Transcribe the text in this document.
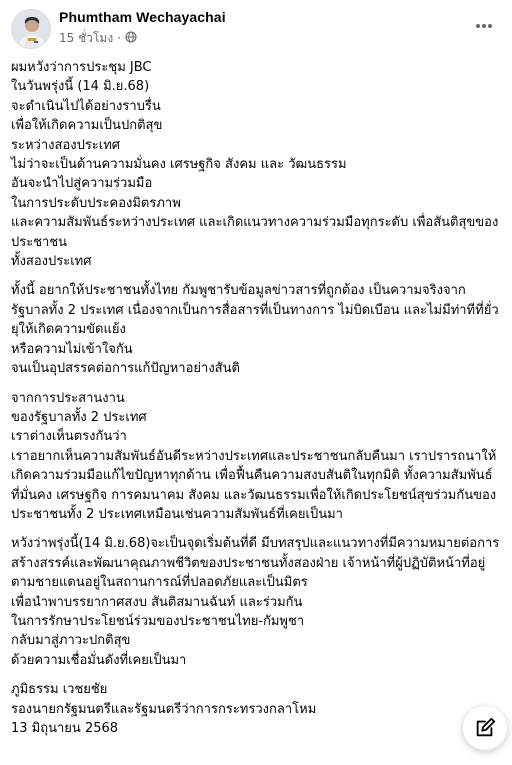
Phumtham Wechayachai
15 ชั่วโมง ·

ผมหวังว่าการประชุม JBC

ในวันพรุ่งนี้ (14 มิ.ย.68)

จะดำเนินไปได้อย่างราบรื่น

เพื่อให้เกิดความเป็นปกติสุข

ระหว่างสองประเทศ

ไม่ว่าจะเป็นด้านความมั่นคง เศรษฐกิจ สังคม และ วัฒนธรรม

อันจะนำไปสู่ความร่วมมือ

ในการประดับประคองมิตรภาพ

และความสัมพันธ์ระหว่างประเทศ และเกิดแนวทางความร่วมมือทุกระดับ เพื่อสันติสุขของประชาชน

ทั้งสองประเทศ

ทั้งนี้ อยากให้ประชาชนทั้งไทย กัมพูชารับข้อมูลข่าวสารที่ถูกต้อง เป็นความจริงจากรัฐบาลทั้ง 2 ประเทศ เนื่องจากเป็นการสื่อสารที่เป็นทางการ ไม่บิดเบือน และไม่มีท่าทีที่ยั่วยุให้เกิดความขัดแย้ง

หรือความไม่เข้าใจกัน

จนเป็นอุปสรรคต่อการแก้ปัญหาอย่างสันติ

จากการประสานงาน

ของรัฐบาลทั้ง 2 ประเทศ

เราต่างเห็นตรงกันว่า

เราอยากเห็นความสัมพันธ์อันดีระหว่างประเทศและประชาชนกลับคืนมา เราปรารถนาให้เกิดความร่วมมือแก้ไขปัญหาทุกด้าน เพื่อฟื้นคืนความสงบสันติในทุกมิติ ทั้งความสัมพันธ์ที่มั่นคง เศรษฐกิจ การคมนาคม สังคม และวัฒนธรรมเพื่อให้เกิดประโยชน์สุขร่วมกันของประชาชนทั้ง 2 ประเทศเหมือนเช่นความสัมพันธ์ที่เคยเป็นมา

หวังว่าพรุ่งนี้(14 มิ.ย.68)จะเป็นจุดเริ่มต้นที่ดี มีบทสรุปและแนวทางที่มีความหมายต่อการสร้างสรรค์และพัฒนาคุณภาพชีวิตของประชาชนทั้งสองฝ่าย เจ้าหน้าที่ผู้ปฏิบัติหน้าที่อยู่ตามชายแดนอยู่ในสถานการณ์ที่ปลอดภัยและเป็นมิตร

เพื่อนำพาบรรยากาศสงบ สันติสมานฉันท์ และร่วมกัน

ในการรักษาประโยชน์ร่วมของประชาชนไทย-กัมพูชา

กลับมาสู่ภาวะปกติสุข

ด้วยความเชื่อมั่นดังที่เคยเป็นมา

ภูมิธรรม เวชยชัย

รองนายกรัฐมนตรีและรัฐมนตรีว่าการกระทรวงกลาโหม

13 มิถุนายน 2568
